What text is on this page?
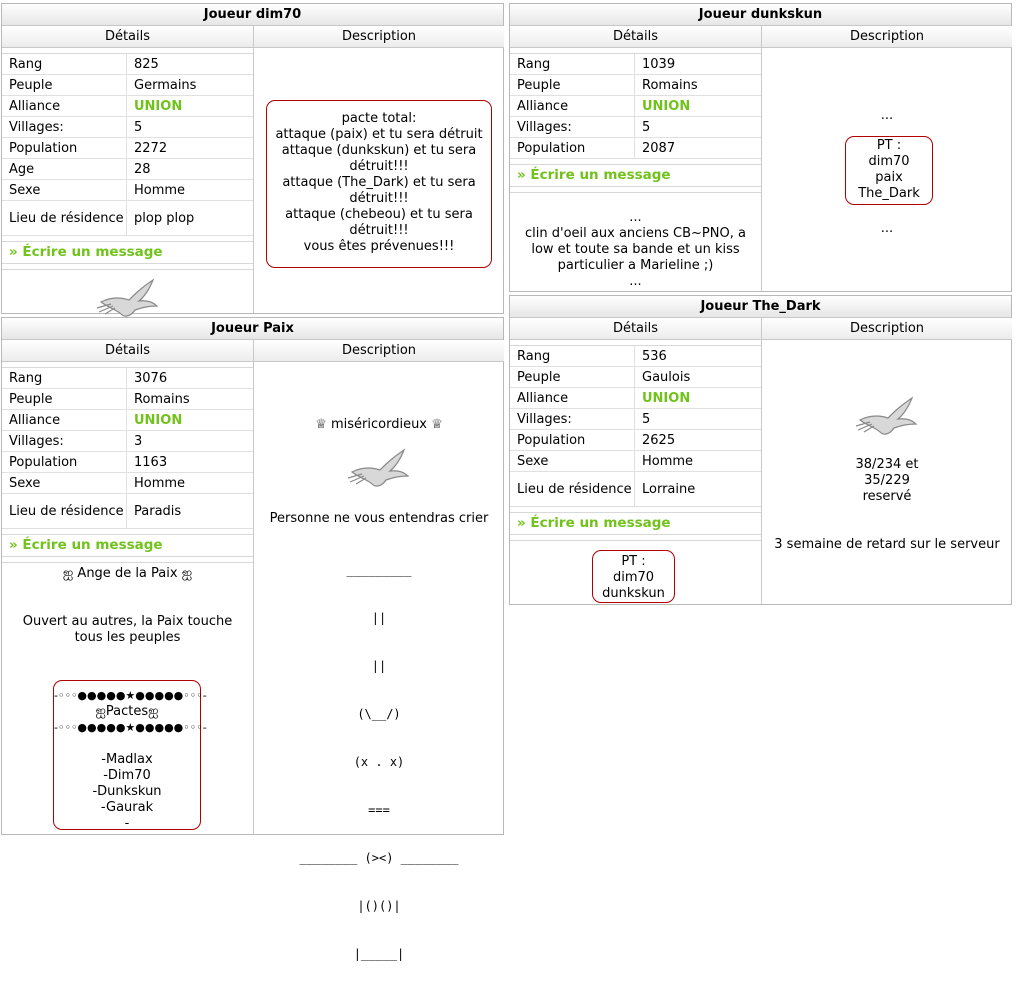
Joueur dim70
Détails	Description
Rang	825
Peuple	Germains
Alliance	UNION
Villages:	5
Population	2272
Age	28
Sexe	Homme
Lieu de résidence	plop plop
» Écrire un message
pacte total:
attaque (paix) et tu sera détruit
attaque (dunkskun) et tu sera
détruit!!!
attaque (The_Dark) et tu sera
détruit!!!
attaque (chebeou) et tu sera
détruit!!!
vous êtes prévenues!!!
Joueur dunkskun
Détails	Description
Rang	1039
Peuple	Romains
Alliance	UNION
Villages:	5
Population	2087
» Écrire un message
...
clin d'oeil aux anciens CB~PNO, a
low et toute sa bande et un kiss
particulier a Marieline ;)
...
...
PT :
dim70
paix
The_Dark
...
Joueur Paix
Détails	Description
Rang	3076
Peuple	Romains
Alliance	UNION
Villages:	3
Population	1163
Sexe	Homme
Lieu de résidence	Paradis
» Écrire un message
ஐ Ange de la Paix ஐ
Ouvert au autres, la Paix touche
tous les peuples
-◦◦◦●●●●●★●●●●●◦◦◦-
ஐPactesஐ
-◦◦◦●●●●●★●●●●●◦◦◦-
-Madlax
-Dim70
-Dunkskun
-Gaurak
-
♕ miséricordieux ♕
Personne ne vous entendras crier

_________

||

||

(\__/)

(x . x)

===

________ (><) ________

|()()|

|_____|

Joueur The_Dark
Détails	Description
Rang	536
Peuple	Gaulois
Alliance	UNION
Villages:	5
Population	2625
Sexe	Homme
Lieu de résidence	Lorraine
» Écrire un message
PT :
dim70
dunkskun
38/234 et
35/229
reservé
3 semaine de retard sur le serveur
